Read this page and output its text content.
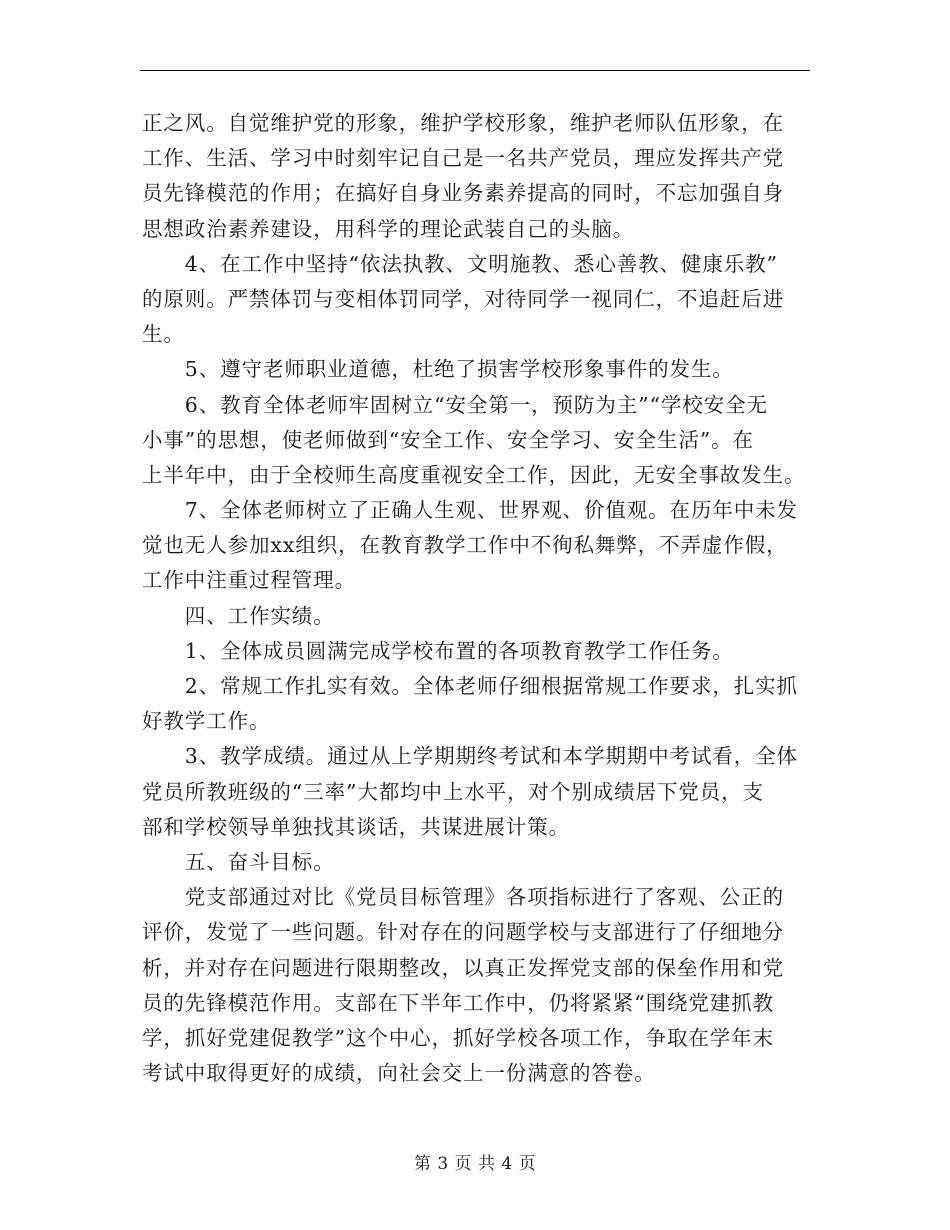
正之风。自觉维护党的形象，维护学校形象，维护老师队伍形象，在
工作、生活、学习中时刻牢记自己是一名共产党员，理应发挥共产党
员先锋模范的作用；在搞好自身业务素养提高的同时，不忘加强自身
思想政治素养建设，用科学的理论武装自己的头脑。
　　4、在工作中坚持“依法执教、文明施教、悉心善教、健康乐教”
的原则。严禁体罚与变相体罚同学，对待同学一视同仁，不追赶后进
生。
　　5、遵守老师职业道德，杜绝了损害学校形象事件的发生。
　　6、教育全体老师牢固树立“安全第一，预防为主”“学校安全无
小事”的思想，使老师做到“安全工作、安全学习、安全生活”。在
上半年中，由于全校师生高度重视安全工作，因此，无安全事故发生。
　　7、全体老师树立了正确人生观、世界观、价值观。在历年中未发
觉也无人参加xx组织，在教育教学工作中不徇私舞弊，不弄虚作假，
工作中注重过程管理。
　　四、工作实绩。
　　1、全体成员圆满完成学校布置的各项教育教学工作任务。
　　2、常规工作扎实有效。全体老师仔细根据常规工作要求，扎实抓
好教学工作。
　　3、教学成绩。通过从上学期期终考试和本学期期中考试看，全体
党员所教班级的“三率”大都均中上水平，对个别成绩居下党员，支
部和学校领导单独找其谈话，共谋进展计策。
　　五、奋斗目标。
　　党支部通过对比《党员目标管理》各项指标进行了客观、公正的
评价，发觉了一些问题。针对存在的问题学校与支部进行了仔细地分
析，并对存在问题进行限期整改，以真正发挥党支部的保垒作用和党
员的先锋模范作用。支部在下半年工作中，仍将紧紧“围绕党建抓教
学，抓好党建促教学”这个中心，抓好学校各项工作，争取在学年末
考试中取得更好的成绩，向社会交上一份满意的答卷。
第 3 页 共 4 页
